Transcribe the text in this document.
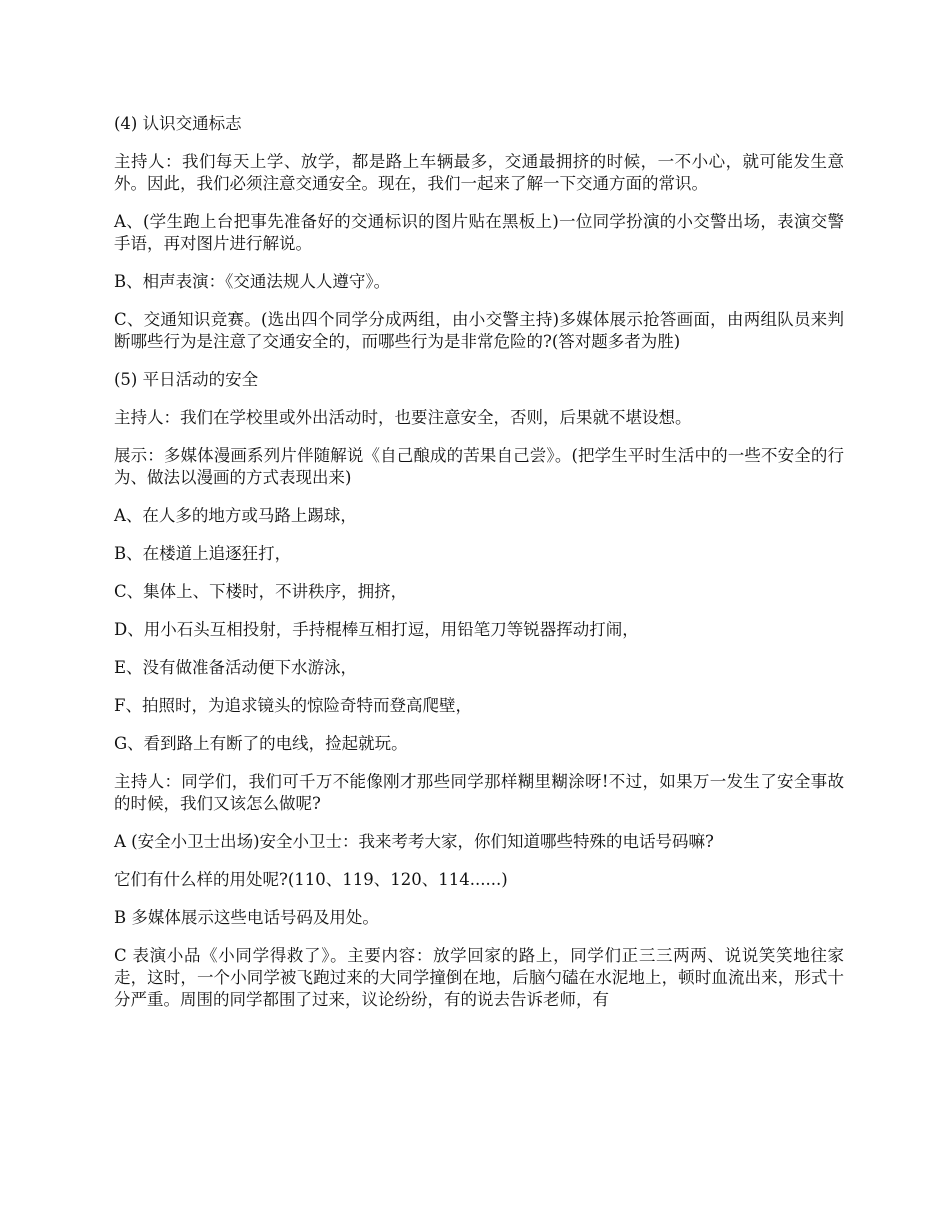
(4) 认识交通标志

主持人：我们每天上学、放学，都是路上车辆最多，交通最拥挤的时候，一不小心，就可能发生意外。因此，我们必须注意交通安全。现在，我们一起来了解一下交通方面的常识。

A、(学生跑上台把事先准备好的交通标识的图片贴在黑板上)一位同学扮演的小交警出场，表演交警手语，再对图片进行解说。

B、相声表演：《交通法规人人遵守》。

C、交通知识竞赛。(选出四个同学分成两组，由小交警主持)多媒体展示抢答画面，由两组队员来判断哪些行为是注意了交通安全的，而哪些行为是非常危险的?(答对题多者为胜)

(5) 平日活动的安全

主持人：我们在学校里或外出活动时，也要注意安全，否则，后果就不堪设想。

展示：多媒体漫画系列片伴随解说《自己酿成的苦果自己尝》。(把学生平时生活中的一些不安全的行为、做法以漫画的方式表现出来)

A、在人多的地方或马路上踢球，

B、在楼道上追逐狂打，

C、集体上、下楼时，不讲秩序，拥挤，

D、用小石头互相投射，手持棍棒互相打逗，用铅笔刀等锐器挥动打闹，

E、没有做准备活动便下水游泳，

F、拍照时，为追求镜头的惊险奇特而登高爬壁，

G、看到路上有断了的电线，捡起就玩。

主持人：同学们，我们可千万不能像刚才那些同学那样糊里糊涂呀!不过，如果万一发生了安全事故的时候，我们又该怎么做呢?

A (安全小卫士出场)安全小卫士：我来考考大家，你们知道哪些特殊的电话号码嘛?

它们有什么样的用处呢?(110、119、120、114......)

B 多媒体展示这些电话号码及用处。

C 表演小品《小同学得救了》。主要内容：放学回家的路上，同学们正三三两两、说说笑笑地往家走，这时，一个小同学被飞跑过来的大同学撞倒在地，后脑勺磕在水泥地上，顿时血流出来，形式十分严重。周围的同学都围了过来，议论纷纷，有的说去告诉老师，有
